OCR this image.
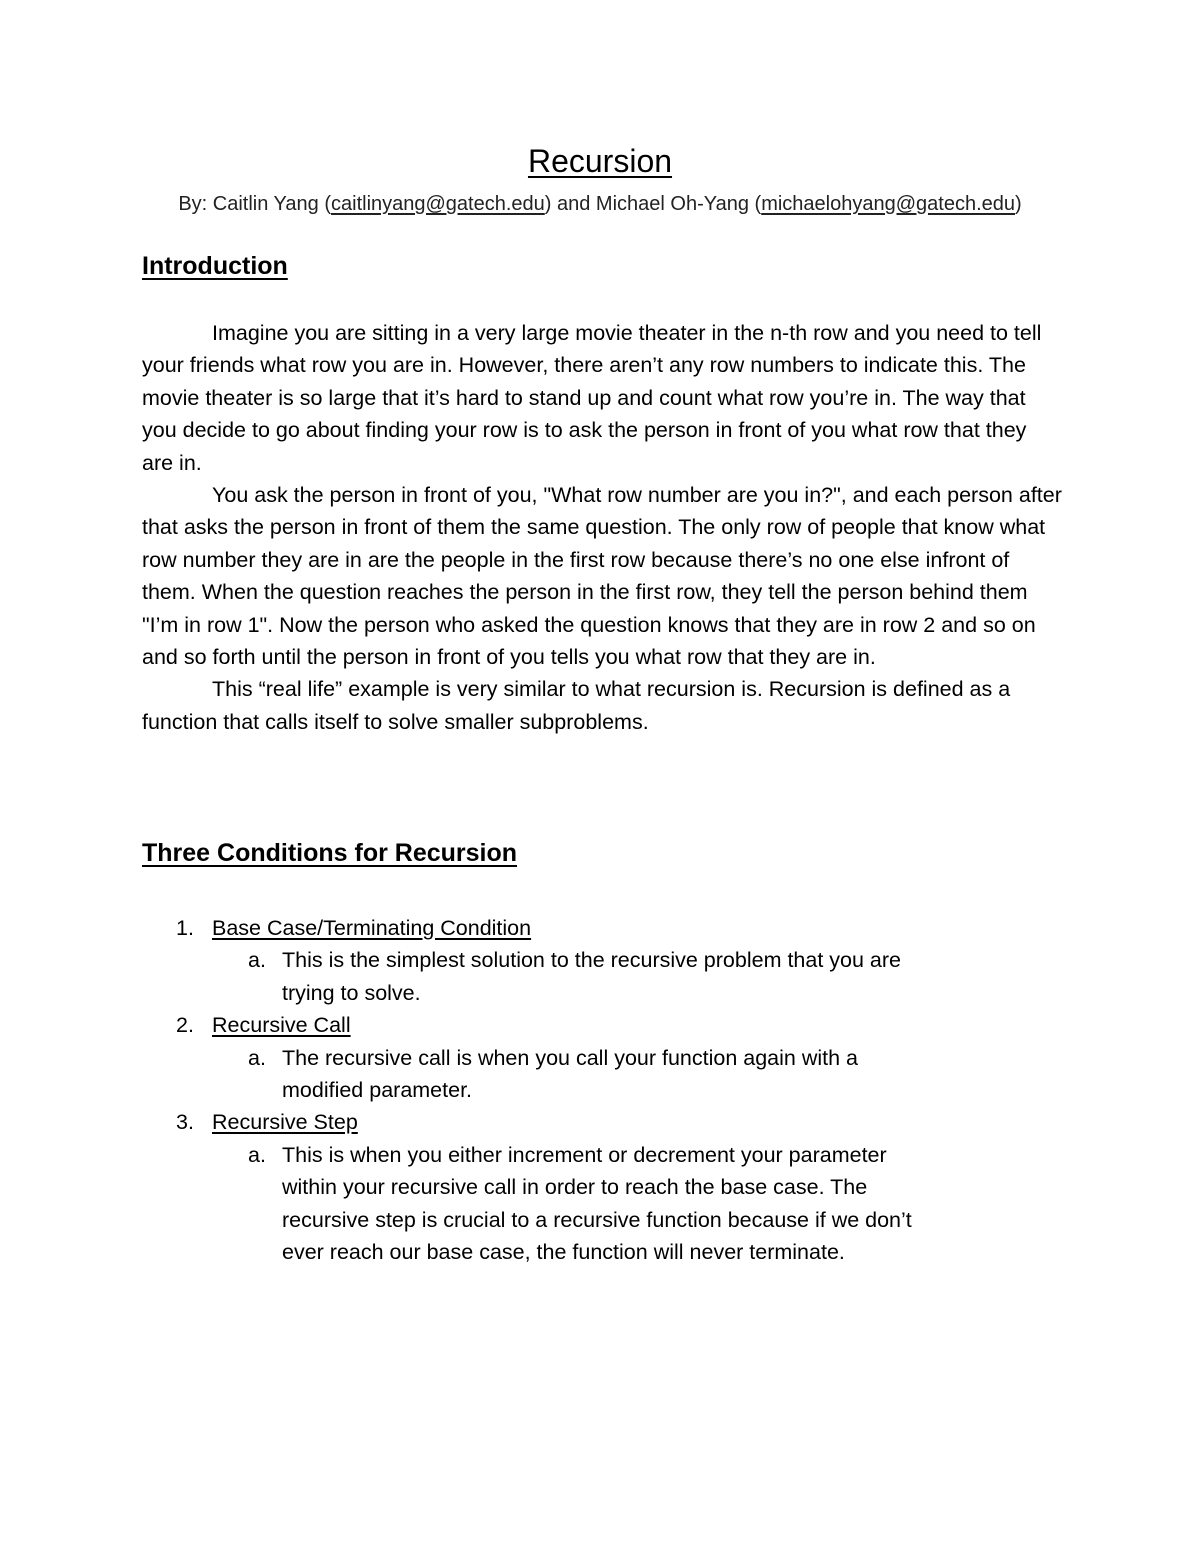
Recursion
By: Caitlin Yang (caitlinyang@gatech.edu) and Michael Oh-Yang (michaelohyang@gatech.edu)
Introduction

Imagine you are sitting in a very large movie theater in the n-th row and you need to tell your friends what row you are in. However, there aren’t any row numbers to indicate this. The movie theater is so large that it’s hard to stand up and count what row you’re in. The way that you decide to go about finding your row is to ask the person in front of you what row that they are in.

You ask the person in front of you, "What row number are you in?", and each person after that asks the person in front of them the same question. The only row of people that know what row number they are in are the people in the first row because there’s no one else infront of them. When the question reaches the person in the first row, they tell the person behind them "I’m in row 1". Now the person who asked the question knows that they are in row 2 and so on and so forth until the person in front of you tells you what row that they are in.

This “real life” example is very similar to what recursion is. Recursion is defined as a function that calls itself to solve smaller subproblems.

Three Conditions for Recursion
1. Base Case/Terminating Condition
a. This is the simplest solution to the recursive problem that you are trying to solve.
2. Recursive Call
a. The recursive call is when you call your function again with a modified parameter.
3. Recursive Step
a. This is when you either increment or decrement your parameter within your recursive call in order to reach the base case. The recursive step is crucial to a recursive function because if we don’t ever reach our base case, the function will never terminate.
